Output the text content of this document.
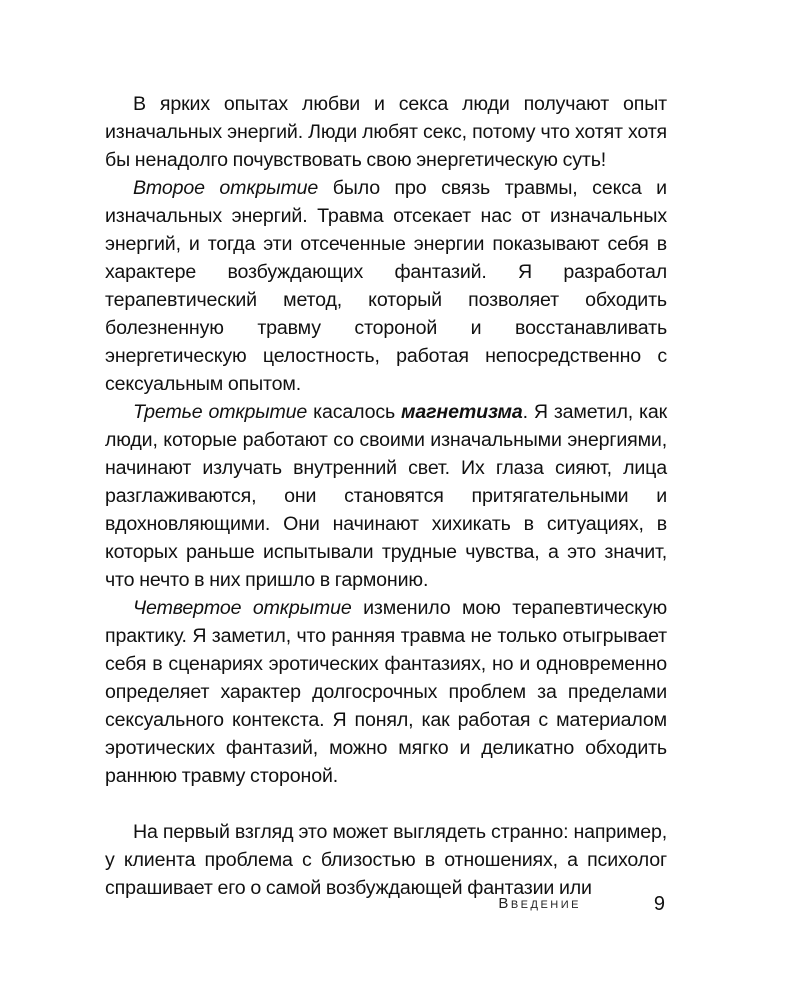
В ярких опытах любви и секса люди получают опыт изначальных энергий. Люди любят секс, потому что хотят хотя бы ненадолго почувствовать свою энергетическую суть!

Второе открытие было про связь травмы, секса и изначальных энергий. Травма отсекает нас от изначальных энергий, и тогда эти отсеченные энергии показывают себя в характере возбуждающих фантазий. Я разработал терапевтический метод, который позволяет обходить болезненную травму стороной и восстанавливать энергетическую целостность, работая непосредственно с сексуальным опытом.

Третье открытие касалось магнетизма. Я заметил, как люди, которые работают со своими изначальными энергиями, начинают излучать внутренний свет. Их глаза сияют, лица разглаживаются, они становятся притягательными и вдохновляющими. Они начинают хихикать в ситуациях, в которых раньше испытывали трудные чувства, а это значит, что нечто в них пришло в гармонию.

Четвертое открытие изменило мою терапевтическую практику. Я заметил, что ранняя травма не только отыгрывает себя в сценариях эротических фантазиях, но и одновременно определяет характер долгосрочных проблем за пределами сексуального контекста. Я понял, как работая с материалом эротических фантазий, можно мягко и деликатно обходить раннюю травму стороной.

На первый взгляд это может выглядеть странно: например, у клиента проблема с близостью в отношениях, а психолог спрашивает его о самой возбуждающей фантазии или

Введение	9
